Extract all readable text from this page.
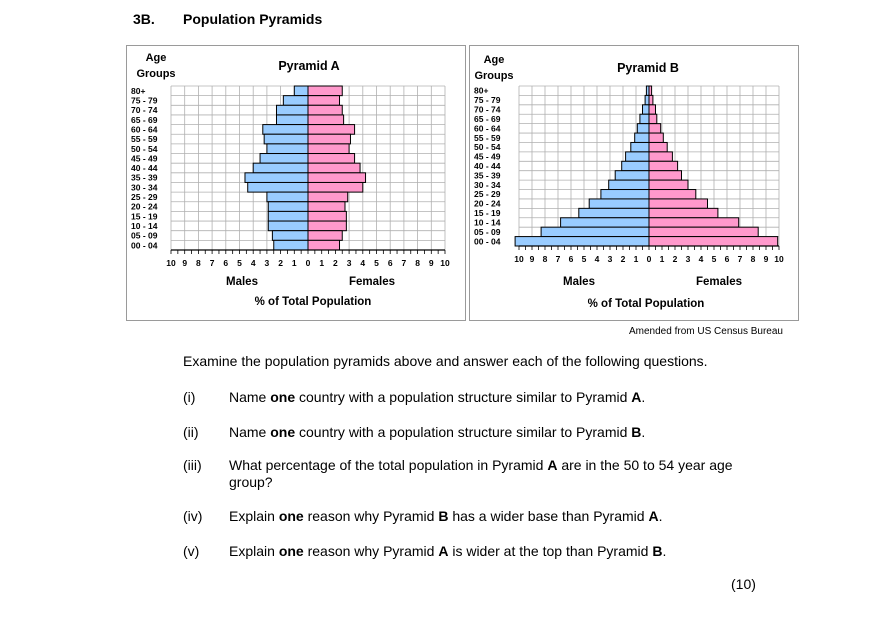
3B. Population Pyramids
10 9 8 7 6 5 4 3 2 1 0 1 2 3 4 5 6 7 8 9 10
80+
75 - 79
70 - 74
65 - 69
60 - 64
55 - 59
50 - 54
45 - 49
40 - 44
35 - 39
30 - 34
25 - 29
20 - 24
15 - 19
10 - 14
05 - 09
00 - 04
Age
Groups
Pyramid A
Males	Females
% of Total Population
10 9 8 7 6 5 4 3 2 1 0 1 2 3 4 5 6 7 8 9 10
80+
75 - 79
70 - 74
65 - 69
60 - 64
55 - 59
50 - 54
45 - 49
40 - 44
35 - 39
30 - 34
25 - 29
20 - 24
15 - 19
10 - 14
05 - 09
00 - 04
Age
Groups
Pyramid B
Males	Females
% of Total Population
Amended from US Census Bureau
Examine the population pyramids above and answer each of the following questions.
(i) Name one country with a population structure similar to Pyramid A.
(ii) Name one country with a population structure similar to Pyramid B.
(iii) What percentage of the total population in Pyramid A are in the 50 to 54 year age group?
(iv) Explain one reason why Pyramid B has a wider base than Pyramid A.
(v) Explain one reason why Pyramid A is wider at the top than Pyramid B.
(10)
